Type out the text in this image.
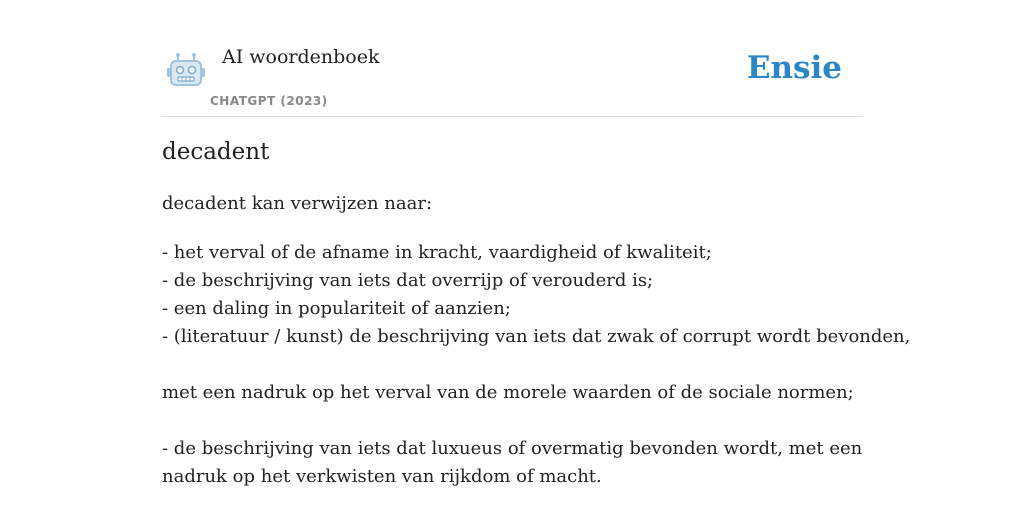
AI woordenboek
CHATGPT (2023)
Ensie
decadent
decadent kan verwijzen naar:
- het verval of de afname in kracht, vaardigheid of kwaliteit;
- de beschrijving van iets dat overrijp of verouderd is;
- een daling in populariteit of aanzien;
- (literatuur / kunst) de beschrijving van iets dat zwak of corrupt wordt bevonden,
met een nadruk op het verval van de morele waarden of de sociale normen;
- de beschrijving van iets dat luxueus of overmatig bevonden wordt, met een
nadruk op het verkwisten van rijkdom of macht.
